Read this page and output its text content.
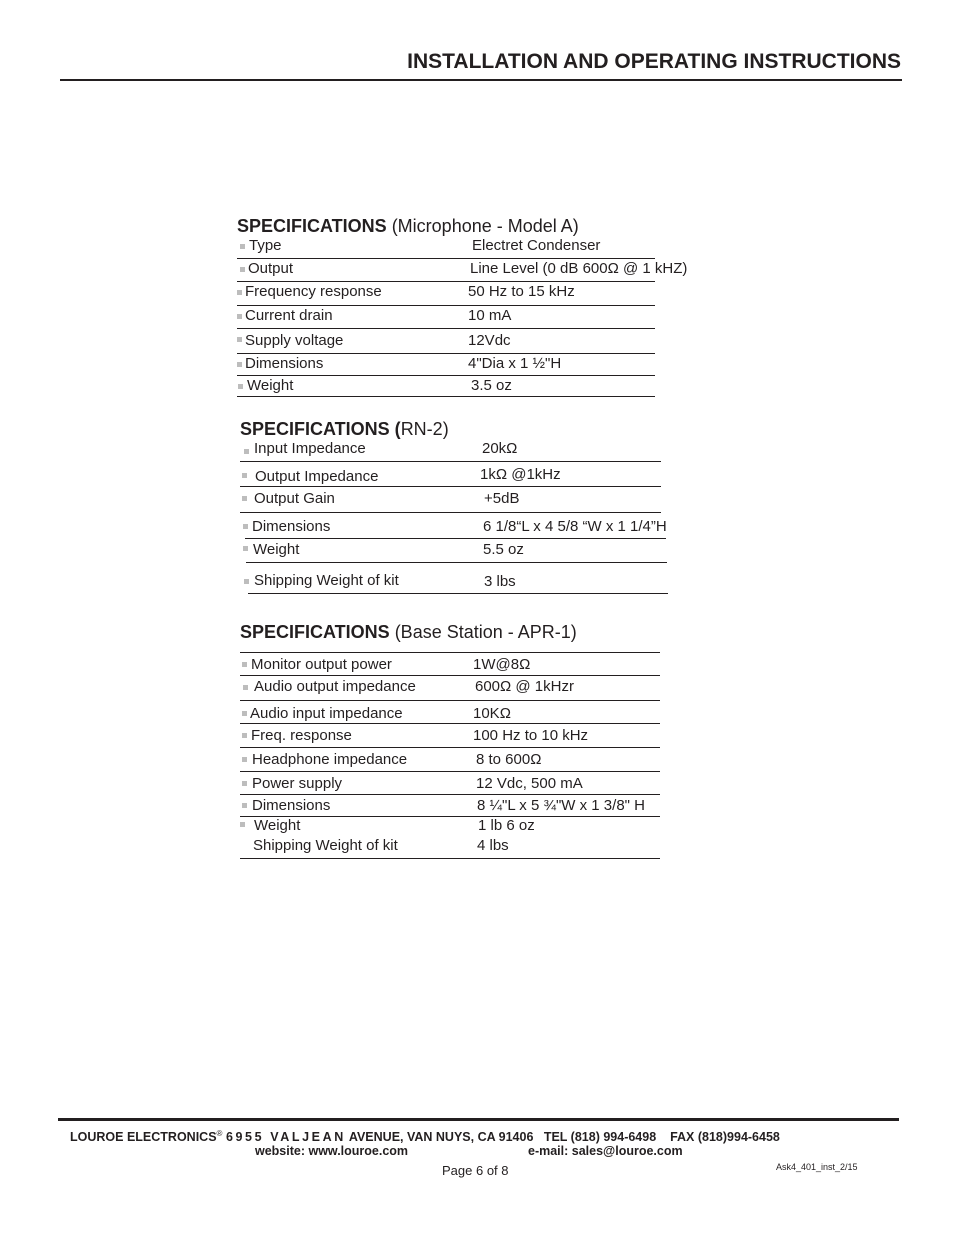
INSTALLATION AND OPERATING INSTRUCTIONS
SPECIFICATIONS (Microphone - Model A)
Type	Electret Condenser
Output	Line Level (0 dB 600Ω @ 1 kHZ)
Frequency response	50 Hz to 15 kHz
Current drain	10 mA
Supply voltage	12Vdc
Dimensions	4"Dia x 1 ½"H
Weight	3.5 oz
SPECIFICATIONS (RN-2)
Input Impedance	20kΩ
Output Impedance	1kΩ @1kHz
Output Gain	+5dB
Dimensions	6 1/8“L x 4 5/8 “W x 1 1/4”H
Weight	5.5 oz
Shipping Weight of kit	3 lbs
SPECIFICATIONS (Base Station - APR-1)
Monitor output power	1W@8Ω
Audio output impedance	600Ω @ 1kHzr
Audio input impedance	10KΩ
Freq. response	100 Hz to 10 kHz
Headphone impedance	8 to 600Ω
Power supply	12 Vdc, 500 mA
Dimensions	8 ¼"L x 5 ¾"W x 1 3/8" H
Weight	1 lb 6 oz
Shipping Weight of kit	4 lbs
LOUROE ELECTRONICS® 6955 VALJEAN AVENUE, VAN NUYS, CA 91406 TEL (818) 994-6498 FAX (818)994-6458
website: www.louroe.com	e-mail: sales@louroe.com
Page 6 of 8	Ask4_401_inst_2/15
